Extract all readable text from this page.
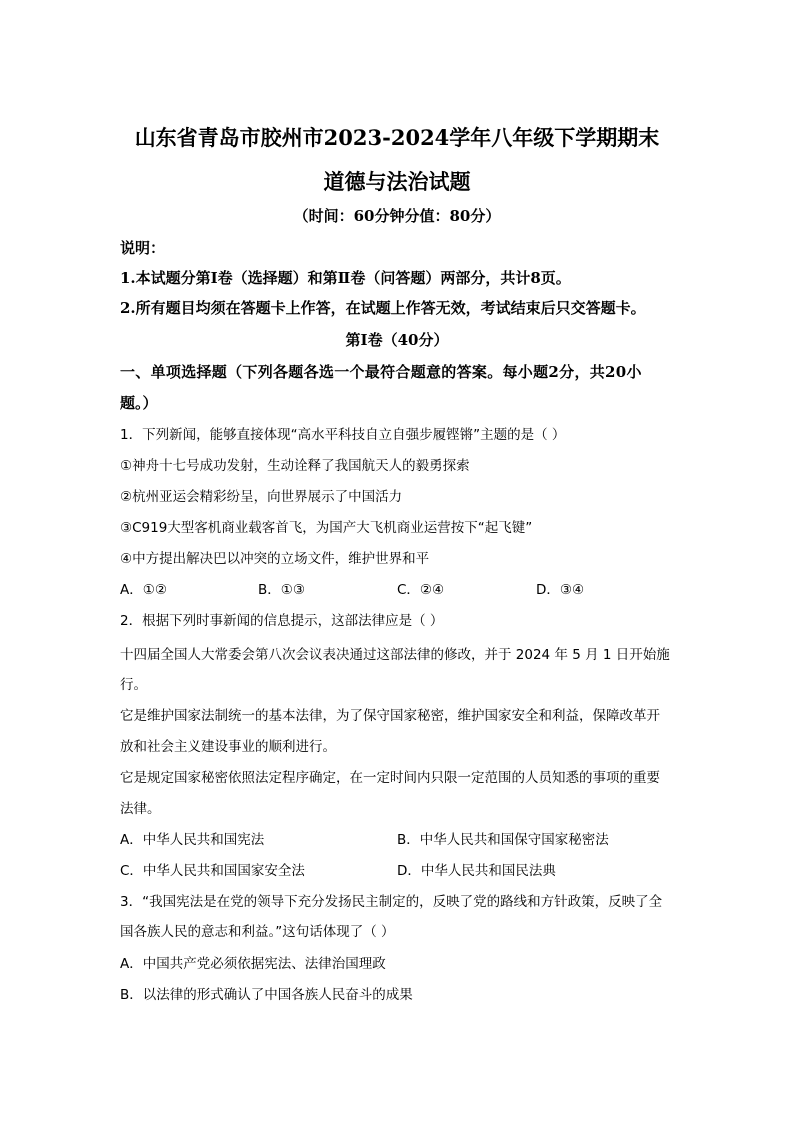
山东省青岛市胶州市2023-2024学年八年级下学期期末
道德与法治试题
（时间：60分钟分值：80分）
说明：
1.本试题分第Ⅰ卷（选择题）和第Ⅱ卷（问答题）两部分，共计8页。
2.所有题目均须在答题卡上作答，在试题上作答无效，考试结束后只交答题卡。
第Ⅰ卷（40分）
一、单项选择题（下列各题各选一个最符合题意的答案。每小题2分，共20小
题。）
1．下列新闻，能够直接体现“高水平科技自立自强步履铿锵”主题的是（ ）
①神舟十七号成功发射，生动诠释了我国航天人的毅勇探索
②杭州亚运会精彩纷呈，向世界展示了中国活力
③C919大型客机商业载客首飞，为国产大飞机商业运营按下“起飞键”
④中方提出解决巴以冲突的立场文件，维护世界和平
A．①②	B．①③	C．②④	D．③④
2．根据下列时事新闻的信息提示，这部法律应是（ ）
十四届全国人大常委会第八次会议表决通过这部法律的修改，并于 2024 年 5 月 1 日开始施
行。
它是维护国家法制统一的基本法律，为了保守国家秘密，维护国家安全和利益，保障改革开
放和社会主义建设事业的顺利进行。
它是规定国家秘密依照法定程序确定，在一定时间内只限一定范围的人员知悉的事项的重要
法律。
A．中华人民共和国宪法	B．中华人民共和国保守国家秘密法
C．中华人民共和国国家安全法	D．中华人民共和国民法典
3．“我国宪法是在党的领导下充分发扬民主制定的，反映了党的路线和方针政策，反映了全
国各族人民的意志和利益。”这句话体现了（ ）
A．中国共产党必须依据宪法、法律治国理政
B．以法律的形式确认了中国各族人民奋斗的成果
